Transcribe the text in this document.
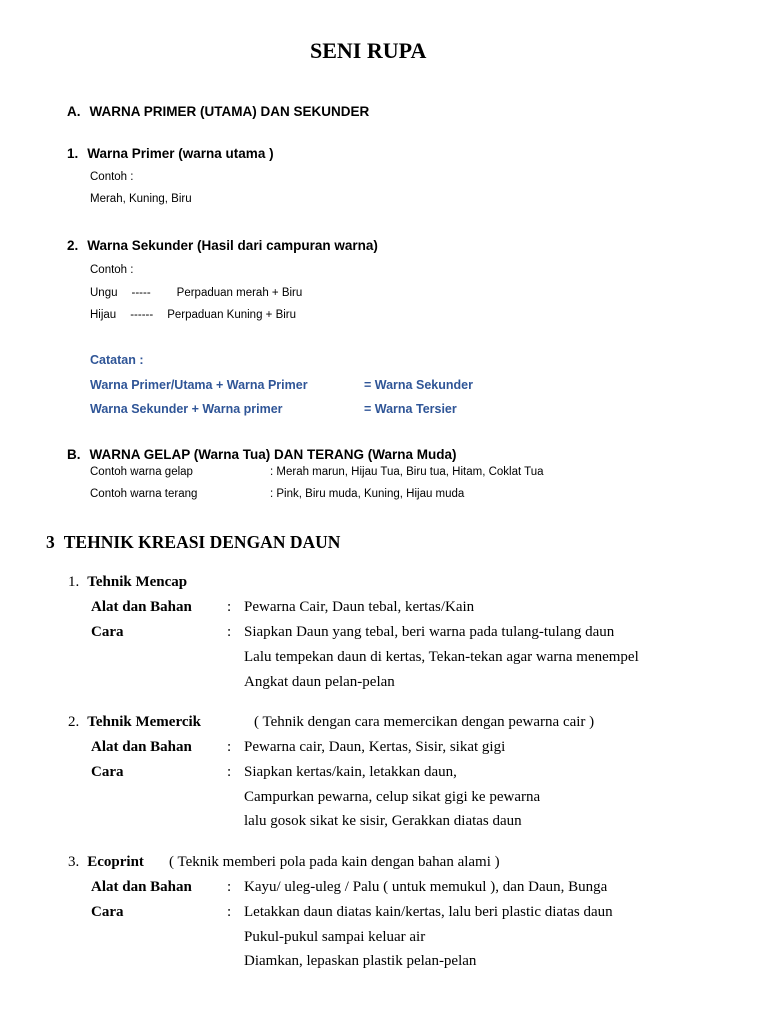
SENI RUPA
A. WARNA PRIMER (UTAMA) DAN SEKUNDER
1. Warna Primer (warna utama )
Contoh :
Merah, Kuning, Biru
2. Warna Sekunder (Hasil dari campuran warna)
Contoh :
Ungu ----- Perpaduan merah + Biru
Hijau ------ Perpaduan Kuning + Biru
Catatan :
Warna Primer/Utama + Warna Primer	= Warna Sekunder
Warna Sekunder + Warna primer	= Warna Tersier
B. WARNA GELAP (Warna Tua) DAN TERANG (Warna Muda)
Contoh warna gelap	: Merah marun, Hijau Tua, Biru tua, Hitam, Coklat Tua
Contoh warna terang	: Pink, Biru muda, Kuning, Hijau muda
3 TEHNIK KREASI DENGAN DAUN
1. Tehnik Mencap
Alat dan Bahan : Pewarna Cair, Daun tebal, kertas/Kain
Cara	: Siapkan Daun yang tebal, beri warna pada tulang-tulang daun
Lalu tempekan daun di kertas, Tekan-tekan agar warna menempel
Angkat daun pelan-pelan
2. Tehnik Memercik	( Tehnik dengan cara memercikan dengan pewarna cair )
Alat dan Bahan : Pewarna cair, Daun, Kertas, Sisir, sikat gigi
Cara	: Siapkan kertas/kain, letakkan daun,
Campurkan pewarna, celup sikat gigi ke pewarna
lalu gosok sikat ke sisir, Gerakkan diatas daun
3. Ecoprint ( Teknik memberi pola pada kain dengan bahan alami )
Alat dan Bahan : Kayu/ uleg-uleg / Palu ( untuk memukul ), dan Daun, Bunga
Cara	: Letakkan daun diatas kain/kertas, lalu beri plastic diatas daun
Pukul-pukul sampai keluar air
Diamkan, lepaskan plastik pelan-pelan
